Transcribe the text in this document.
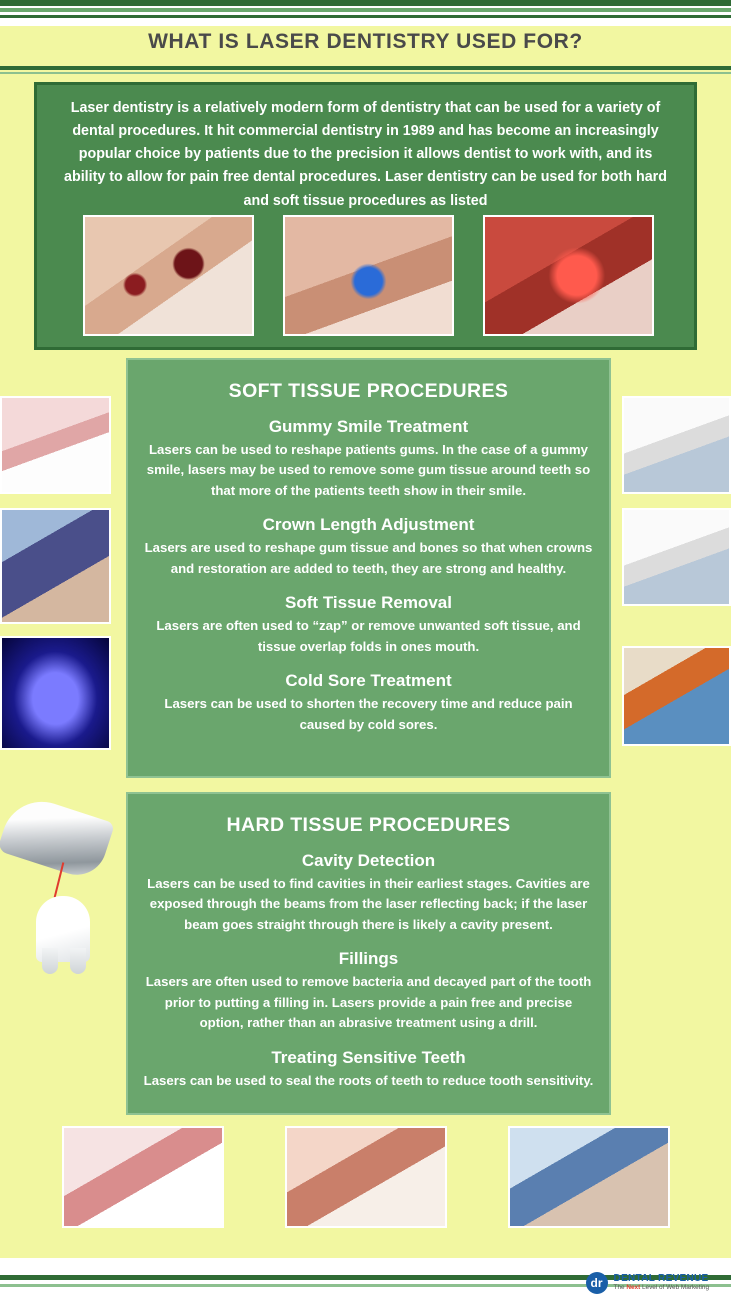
WHAT IS LASER DENTISTRY USED FOR?
Laser dentistry is a relatively modern form of dentistry that can be used for a variety of dental procedures. It hit commercial dentistry in 1989 and has become an increasingly popular choice by patients due to the precision it allows dentist to work with, and its ability to allow for pain free dental procedures. Laser dentistry can be used for both hard and soft tissue procedures as listed
SOFT TISSUE PROCEDURES
Gummy Smile Treatment
Lasers can be used to reshape patients gums. In the case of a gummy smile, lasers may be used to remove some gum tissue around teeth so that more of the patients teeth show in their smile.
Crown Length Adjustment
Lasers are used to reshape gum tissue and bones so that when crowns and restoration are added to teeth, they are strong and healthy.
Soft Tissue Removal
Lasers are often used to “zap” or remove unwanted soft tissue, and tissue overlap folds in ones mouth.
Cold Sore Treatment
Lasers can be used to shorten the recovery time and reduce pain caused by cold sores.
HARD TISSUE PROCEDURES
Cavity Detection
Lasers can be used to find cavities in their earliest stages. Cavities are exposed through the beams from the laser reflecting back; if the laser beam goes straight through there is likely a cavity present.
Fillings
Lasers are often used to remove bacteria and decayed part of the tooth prior to putting a filling in. Lasers provide a pain free and precise option, rather than an abrasive treatment using a drill.
Treating Sensitive Teeth
Lasers can be used to seal the roots of teeth to reduce tooth sensitivity.
dr	DENTAL REVENUE
The Next Level of Web Marketing
